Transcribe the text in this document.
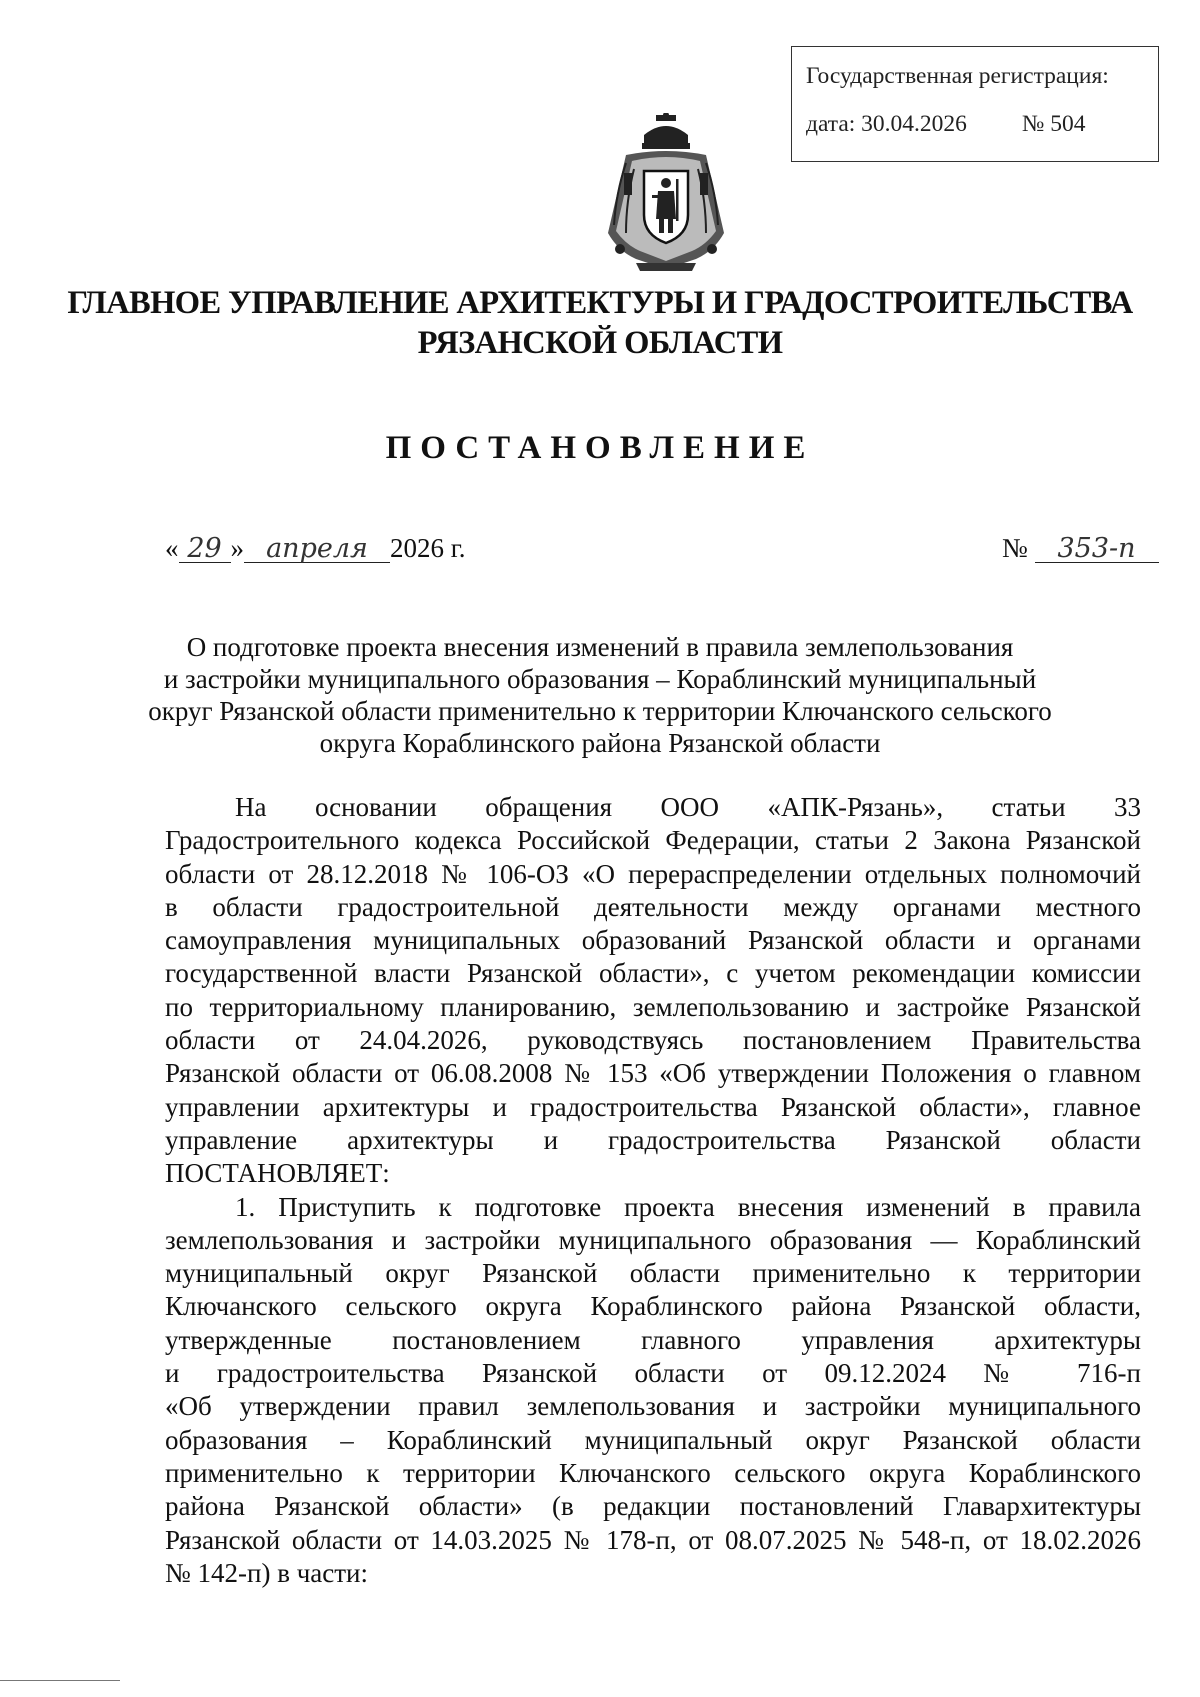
Государственная регистрация:
дата: 30.04.2026 № 504
ГЛАВНОЕ УПРАВЛЕНИЕ АРХИТЕКТУРЫ И ГРАДОСТРОИТЕЛЬСТВА
РЯЗАНСКОЙ ОБЛАСТИ
ПОСТАНОВЛЕНИЕ
« 29 » апреля 2026 г.	№ 353-п
О подготовке проекта внесения изменений в правила землепользования
и застройки муниципального образования – Кораблинский муниципальный
округ Рязанской области применительно к территории Ключанского сельского
округа Кораблинского района Рязанской области
На основании обращения ООО «АПК-Рязань», статьи 33
Градостроительного кодекса Российской Федерации, статьи 2 Закона Рязанской
области от 28.12.2018 № 106-ОЗ «О перераспределении отдельных полномочий
в области градостроительной деятельности между органами местного
самоуправления муниципальных образований Рязанской области и органами
государственной власти Рязанской области», с учетом рекомендации комиссии
по территориальному планированию, землепользованию и застройке Рязанской
области от 24.04.2026, руководствуясь постановлением Правительства
Рязанской области от 06.08.2008 № 153 «Об утверждении Положения о главном
управлении архитектуры и градостроительства Рязанской области», главное
управление архитектуры и градостроительства Рязанской области
ПОСТАНОВЛЯЕТ:
1. Приступить к подготовке проекта внесения изменений в правила
землепользования и застройки муниципального образования — Кораблинский
муниципальный округ Рязанской области применительно к территории
Ключанского сельского округа Кораблинского района Рязанской области,
утвержденные постановлением главного управления архитектуры
и градостроительства Рязанской области от 09.12.2024 № 716-п
«Об утверждении правил землепользования и застройки муниципального
образования – Кораблинский муниципальный округ Рязанской области
применительно к территории Ключанского сельского округа Кораблинского
района Рязанской области» (в редакции постановлений Главархитектуры
Рязанской области от 14.03.2025 № 178-п, от 08.07.2025 № 548-п, от 18.02.2026
№ 142-п) в части:
